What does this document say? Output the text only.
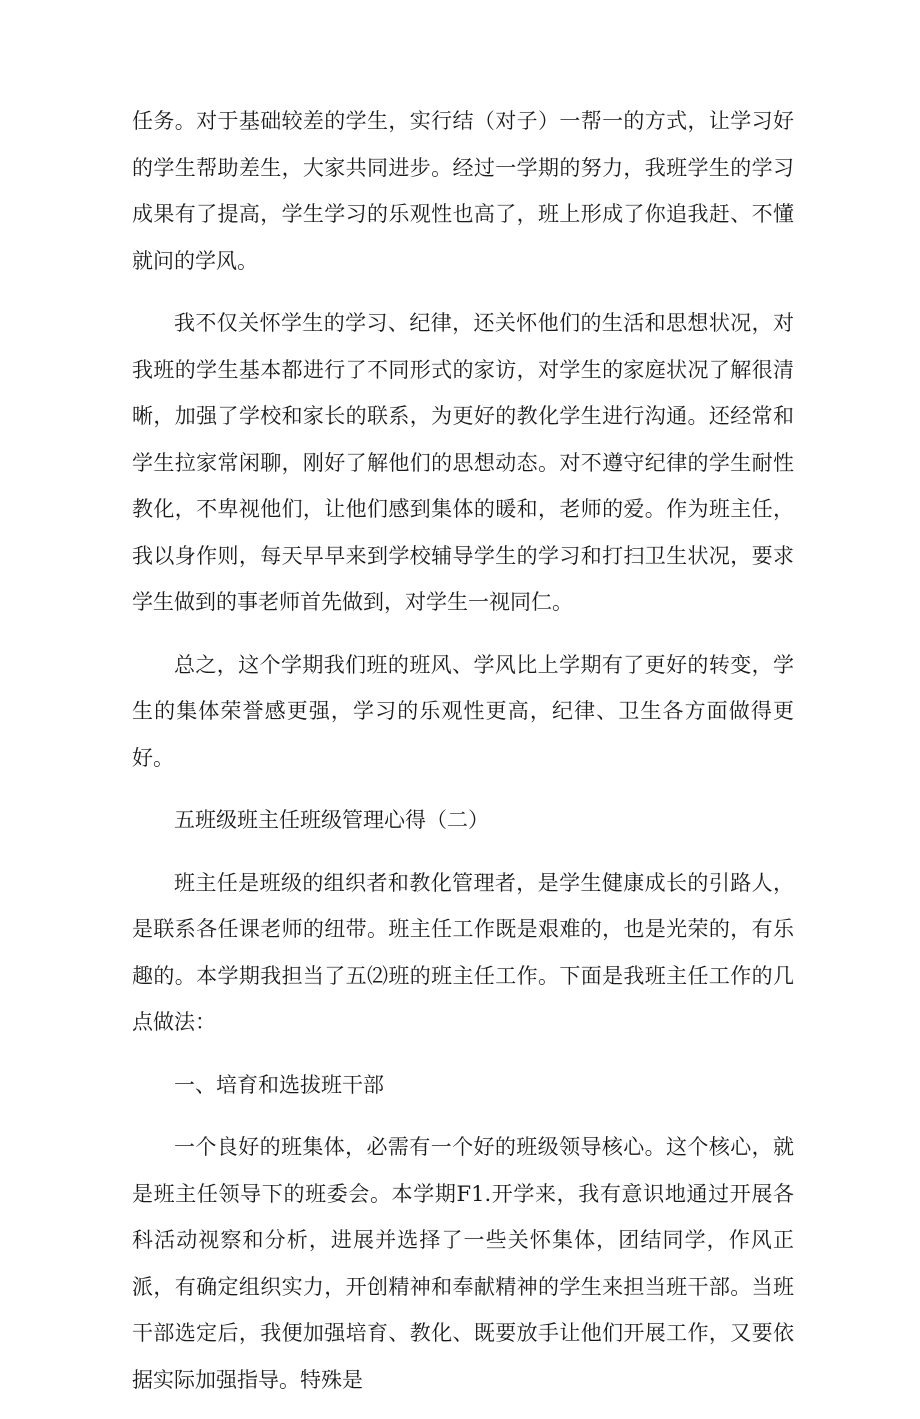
任务。对于基础较差的学生，实行结（对子）一帮一的方式，让学习好的学生帮助差生，大家共同进步。经过一学期的努力，我班学生的学习成果有了提高，学生学习的乐观性也高了，班上形成了你追我赶、不懂就问的学风。

我不仅关怀学生的学习、纪律，还关怀他们的生活和思想状况，对我班的学生基本都进行了不同形式的家访，对学生的家庭状况了解很清晰，加强了学校和家长的联系，为更好的教化学生进行沟通。还经常和学生拉家常闲聊，刚好了解他们的思想动态。对不遵守纪律的学生耐性教化，不卑视他们，让他们感到集体的暖和，老师的爱。作为班主任，我以身作则，每天早早来到学校辅导学生的学习和打扫卫生状况，要求学生做到的事老师首先做到，对学生一视同仁。

总之，这个学期我们班的班风、学风比上学期有了更好的转变，学生的集体荣誉感更强，学习的乐观性更高，纪律、卫生各方面做得更好。

五班级班主任班级管理心得（二）

班主任是班级的组织者和教化管理者，是学生健康成长的引路人，是联系各任课老师的纽带。班主任工作既是艰难的，也是光荣的，有乐趣的。本学期我担当了五⑵班的班主任工作。下面是我班主任工作的几点做法：

一、培育和选拔班干部

一个良好的班集体，必需有一个好的班级领导核心。这个核心，就是班主任领导下的班委会。本学期F1.开学来，我有意识地通过开展各科活动视察和分析，进展并选择了一些关怀集体，团结同学，作风正派，有确定组织实力，开创精神和奉献精神的学生来担当班干部。当班干部选定后，我便加强培育、教化、既要放手让他们开展工作，又要依据实际加强指导。特殊是
